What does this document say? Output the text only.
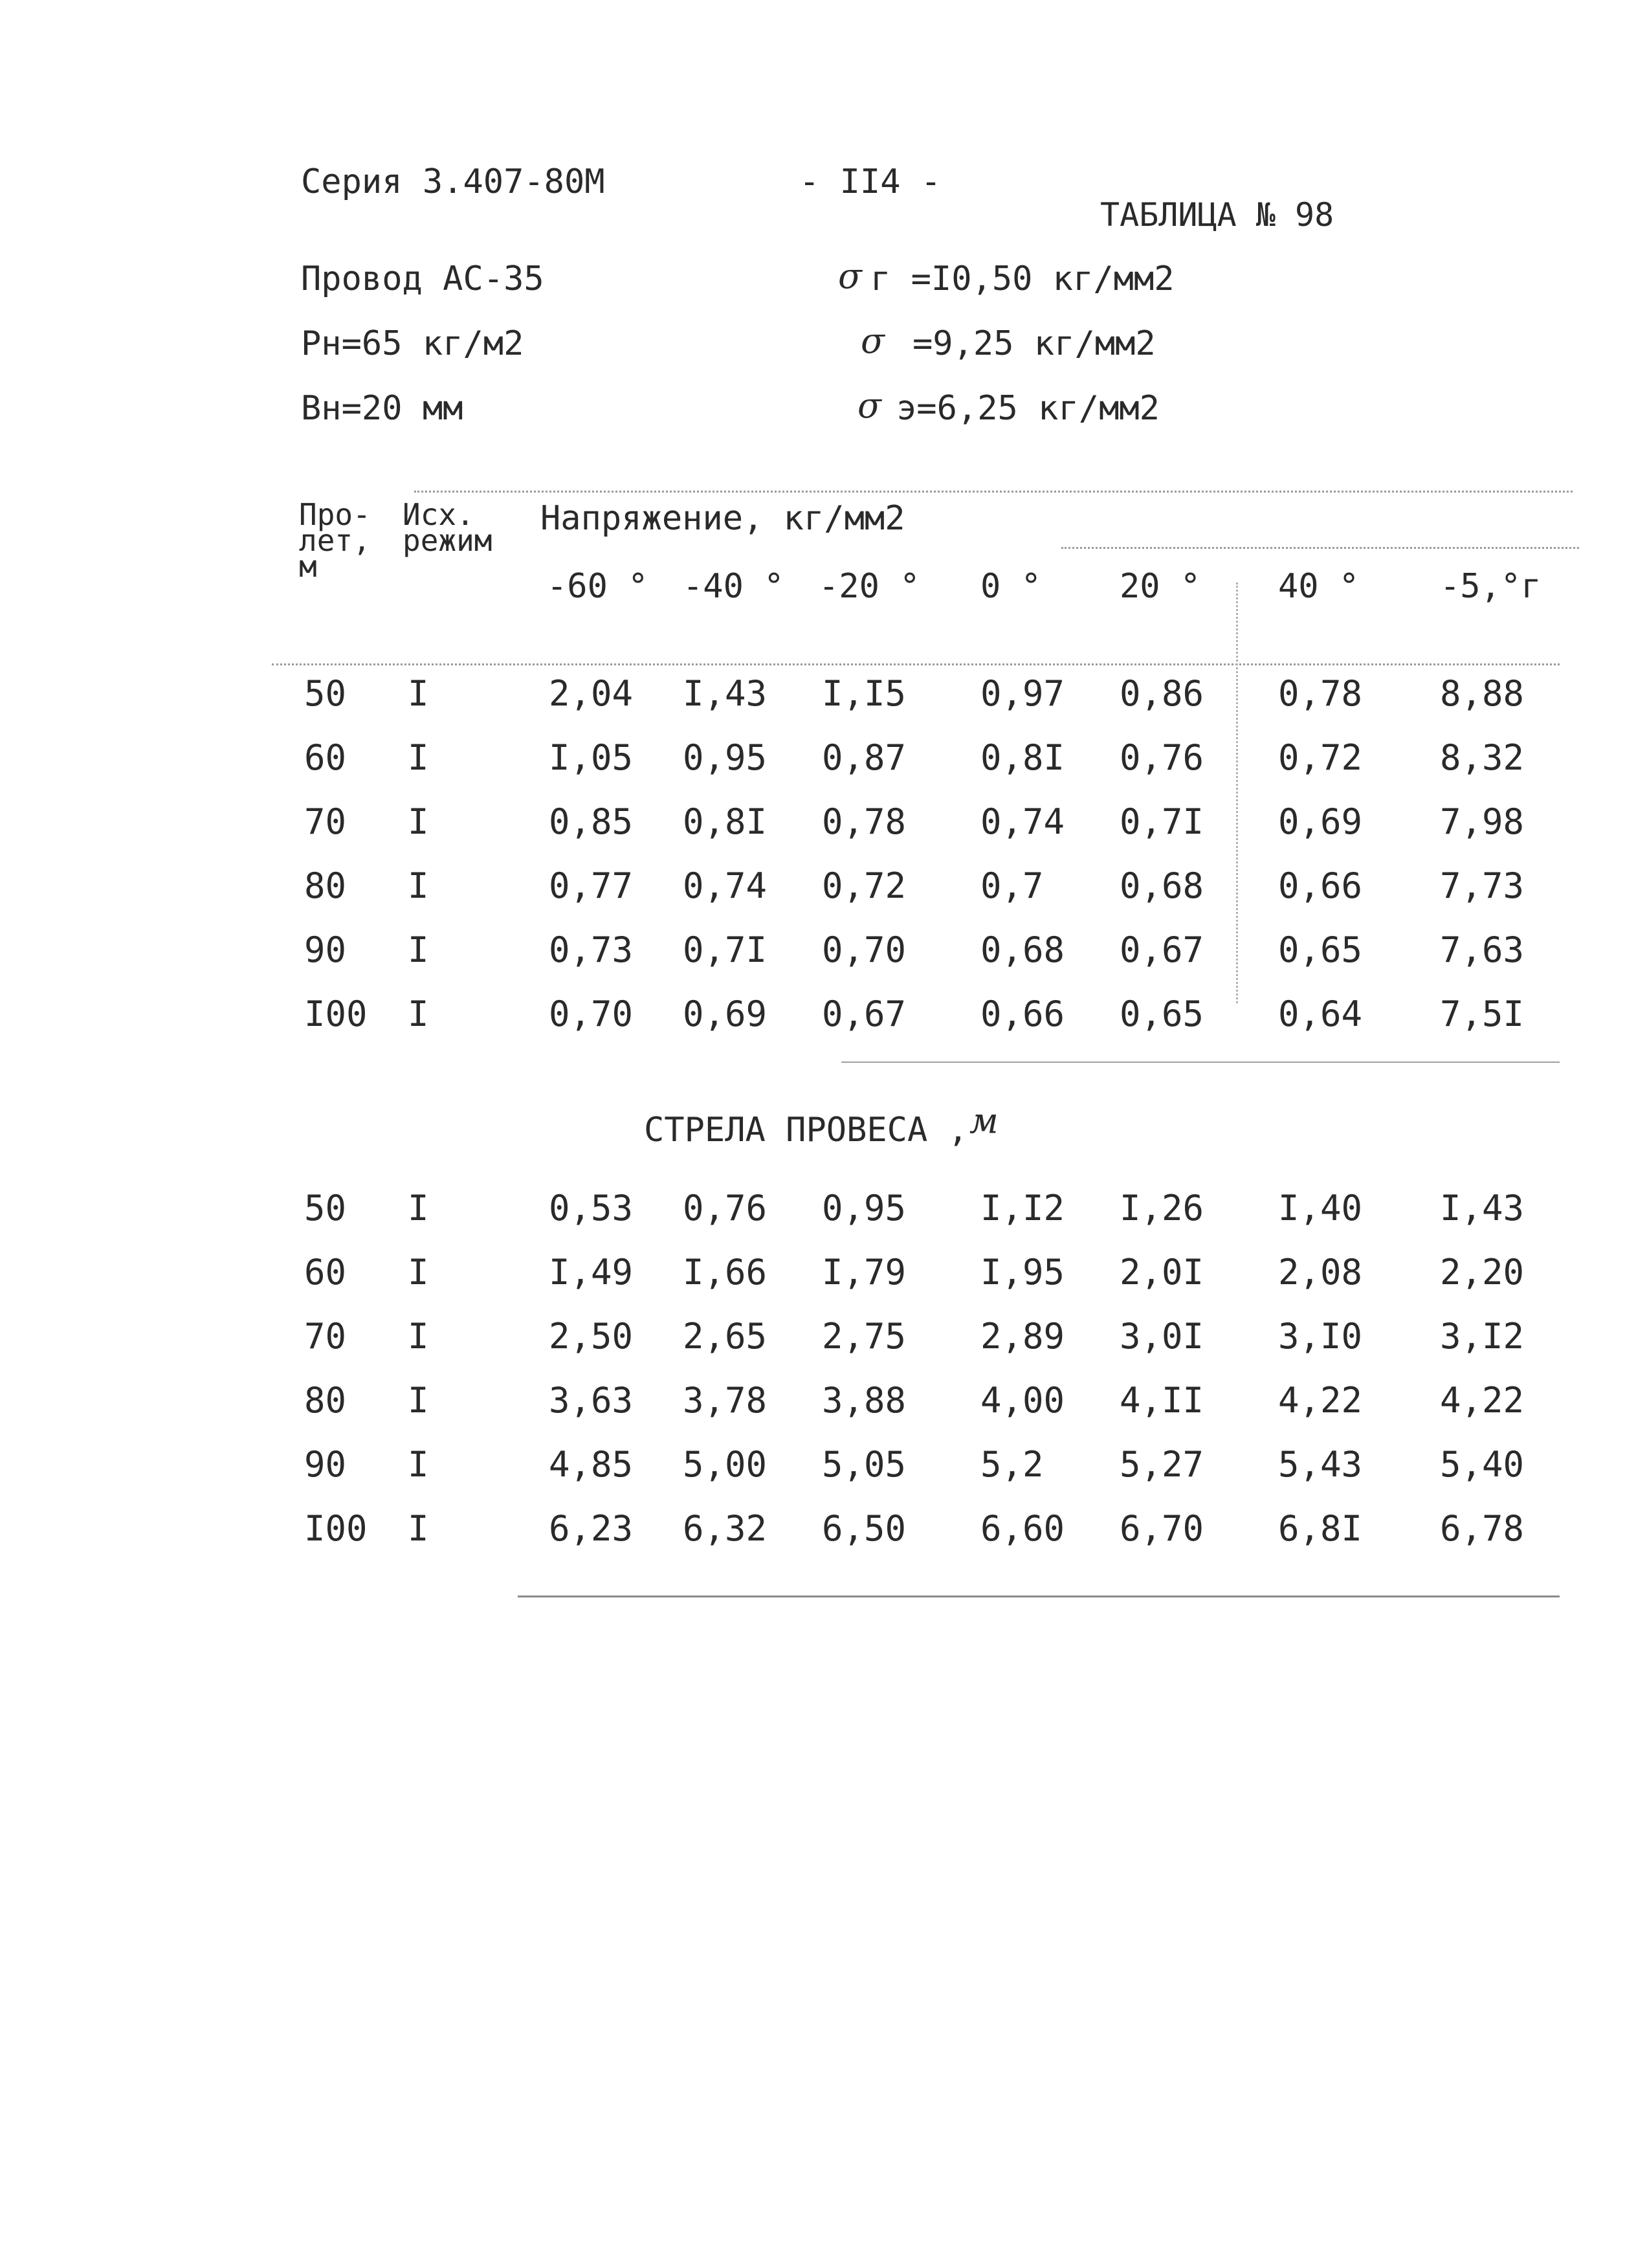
Серия 3.407-80М	- II4 -
ТАБЛИЦА № 98
Провод АС-35
Рн=65 кг/м2
Вн=20 мм
σ г =I0,50 кг/мм2
σ =9,25 кг/мм2
σ э=6,25 кг/мм2
Про-
лет,
м
Исх.
режим
Напряжение, кг/мм2
-60 ° -40 ° -20 ° 0 ° 20 ° 40 ° -5,°г
50 I	2,04 I,43 I,I5 0,97 0,86 0,78 8,88
60 I	I,05 0,95 0,87 0,8I 0,76 0,72 8,32
70 I	0,85 0,8I 0,78 0,74 0,7I 0,69 7,98
80 I	0,77 0,74 0,72 0,7 0,68 0,66 7,73
90 I	0,73 0,7I 0,70 0,68 0,67 0,65 7,63
I00 I	0,70 0,69 0,67 0,66 0,65 0,64 7,5I
СТРЕЛА ПРОВЕСА , м
50 I	0,53 0,76 0,95 I,I2 I,26 I,40 I,43
60 I	I,49 I,66 I,79 I,95 2,0I 2,08 2,20
70 I	2,50 2,65 2,75 2,89 3,0I 3,I0 3,I2
80 I	3,63 3,78 3,88 4,00 4,II 4,22 4,22
90 I	4,85 5,00 5,05 5,2 5,27 5,43 5,40
I00 I	6,23 6,32 6,50 6,60 6,70 6,8I 6,78
